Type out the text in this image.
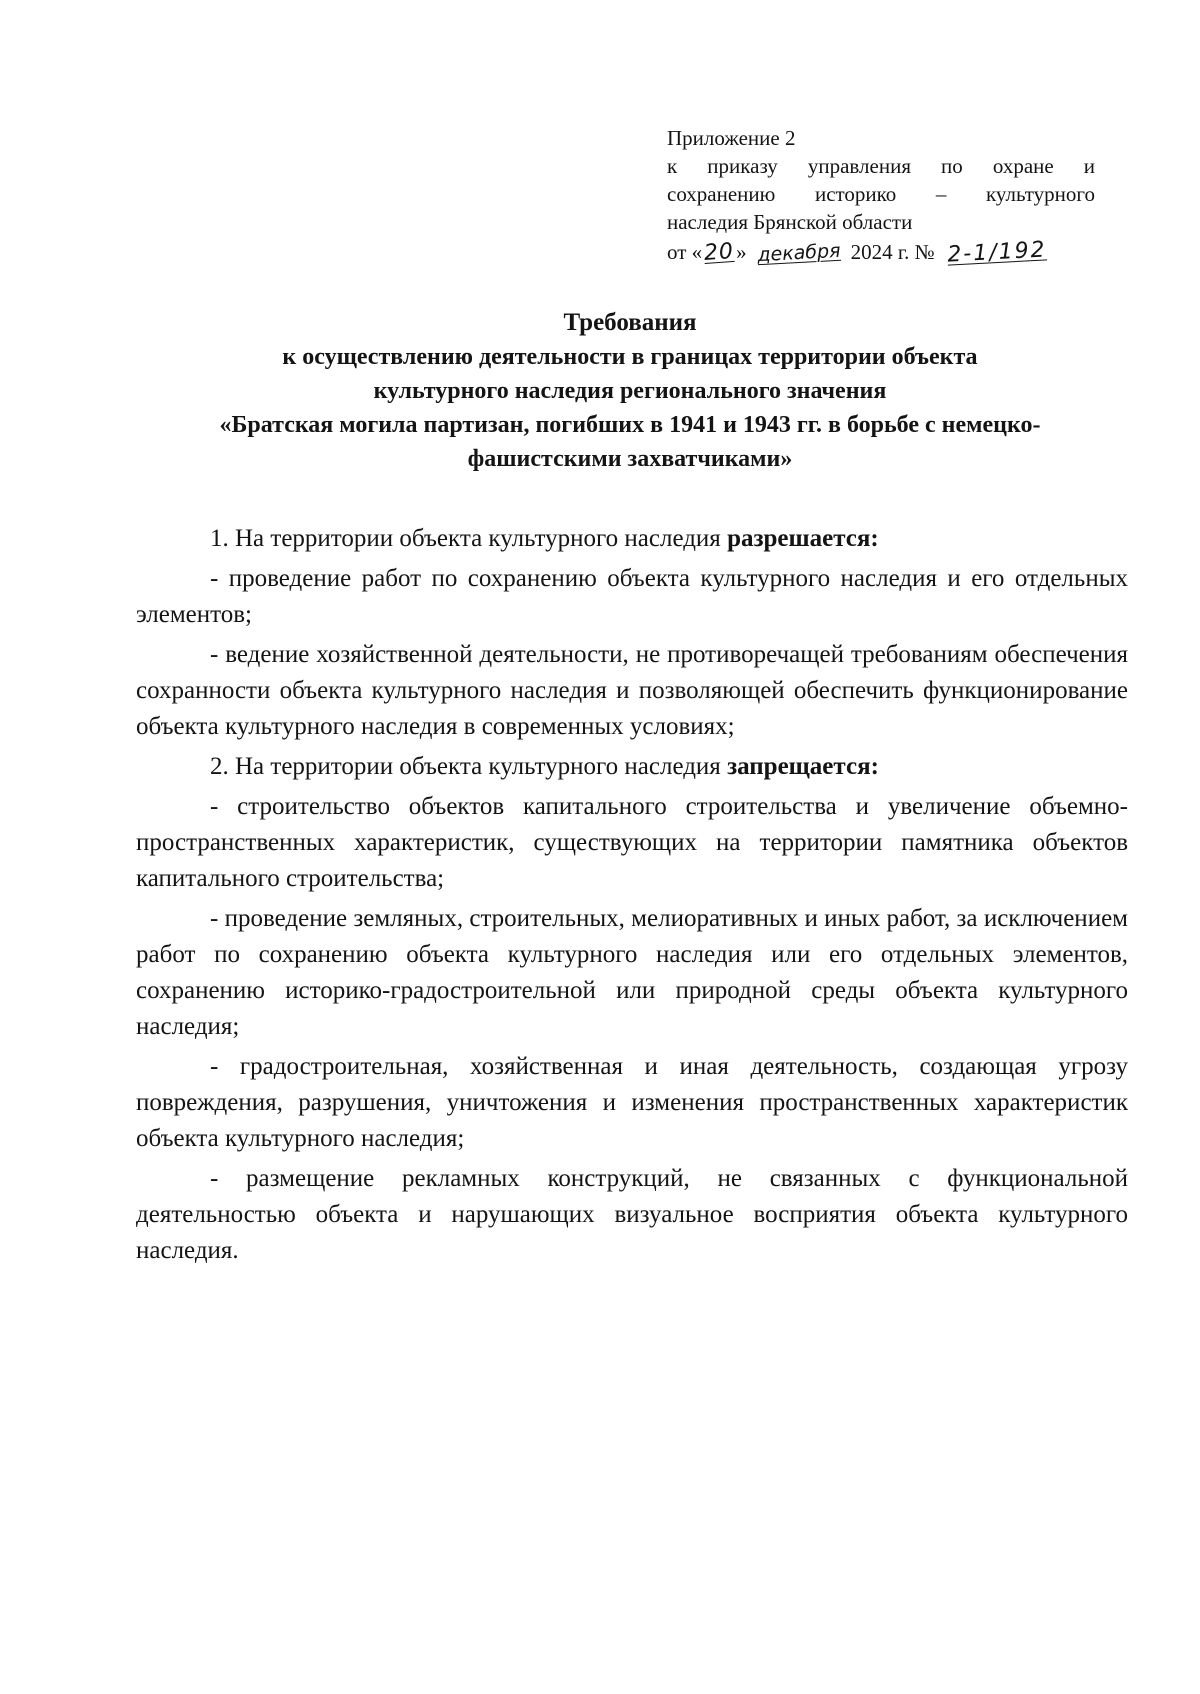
Приложение 2
к приказу управления по охране и
сохранению историко – культурного
наследия Брянской области
от « 20 » декабря 2024 г. № 2-1/192
Требования
к осуществлению деятельности в границах территории объекта
культурного наследия регионального значения
«Братская могила партизан, погибших в 1941 и 1943 гг. в борьбе с немецко-
фашистскими захватчиками»

1. На территории объекта культурного наследия разрешается:

- проведение работ по сохранению объекта культурного наследия и его отдельных элементов;

- ведение хозяйственной деятельности, не противоречащей требованиям обеспечения сохранности объекта культурного наследия и позволяющей обеспечить функционирование объекта культурного наследия в современных условиях;

2. На территории объекта культурного наследия запрещается:

- строительство объектов капитального строительства и увеличение объемно-пространственных характеристик, существующих на территории памятника объектов капитального строительства;

- проведение земляных, строительных, мелиоративных и иных работ, за исключением работ по сохранению объекта культурного наследия или его отдельных элементов, сохранению историко-градостроительной или природной среды объекта культурного наследия;

- градостроительная, хозяйственная и иная деятельность, создающая угрозу повреждения, разрушения, уничтожения и изменения пространственных характеристик объекта культурного наследия;

- размещение рекламных конструкций, не связанных с функциональной деятельностью объекта и нарушающих визуальное восприятия объекта культурного наследия.
